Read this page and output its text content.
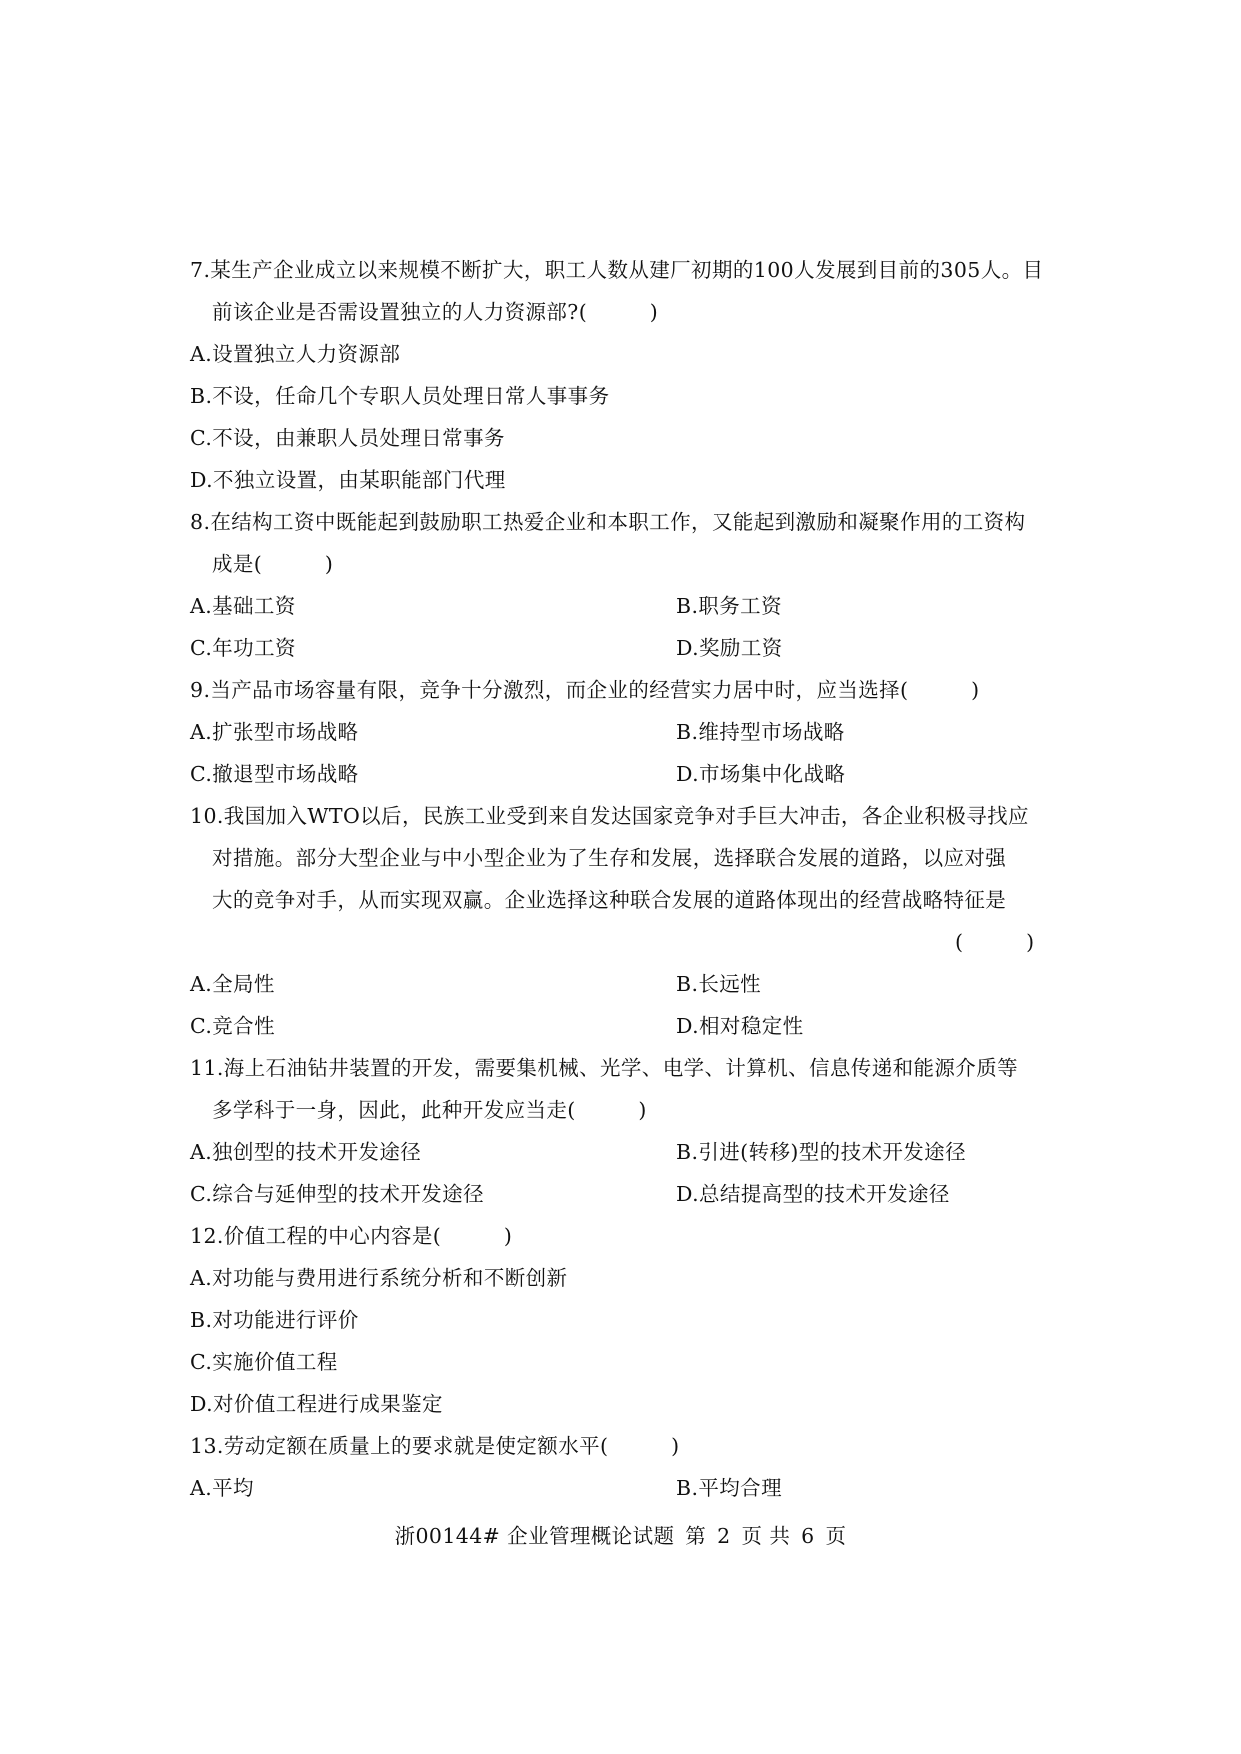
7.某生产企业成立以来规模不断扩大，职工人数从建厂初期的100人发展到目前的305人。目
前该企业是否需设置独立的人力资源部?(　　　)
A.设置独立人力资源部
B.不设，任命几个专职人员处理日常人事事务
C.不设，由兼职人员处理日常事务
D.不独立设置，由某职能部门代理
8.在结构工资中既能起到鼓励职工热爱企业和本职工作，又能起到激励和凝聚作用的工资构
成是(　　　)
A.基础工资	B.职务工资
C.年功工资	D.奖励工资
9.当产品市场容量有限，竞争十分激烈，而企业的经营实力居中时，应当选择(　　　)
A.扩张型市场战略	B.维持型市场战略
C.撤退型市场战略	D.市场集中化战略
10.我国加入WTO以后，民族工业受到来自发达国家竞争对手巨大冲击，各企业积极寻找应
对措施。部分大型企业与中小型企业为了生存和发展，选择联合发展的道路，以应对强
大的竞争对手，从而实现双赢。企业选择这种联合发展的道路体现出的经营战略特征是
(　　　)
A.全局性	B.长远性
C.竞合性	D.相对稳定性
11.海上石油钻井装置的开发，需要集机械、光学、电学、计算机、信息传递和能源介质等
多学科于一身，因此，此种开发应当走(　　　)
A.独创型的技术开发途径	B.引进(转移)型的技术开发途径
C.综合与延伸型的技术开发途径	D.总结提高型的技术开发途径
12.价值工程的中心内容是(　　　)
A.对功能与费用进行系统分析和不断创新
B.对功能进行评价
C.实施价值工程
D.对价值工程进行成果鉴定
13.劳动定额在质量上的要求就是使定额水平(　　　)
A.平均	B.平均合理
浙00144# 企业管理概论试题 第 2 页 共 6 页
